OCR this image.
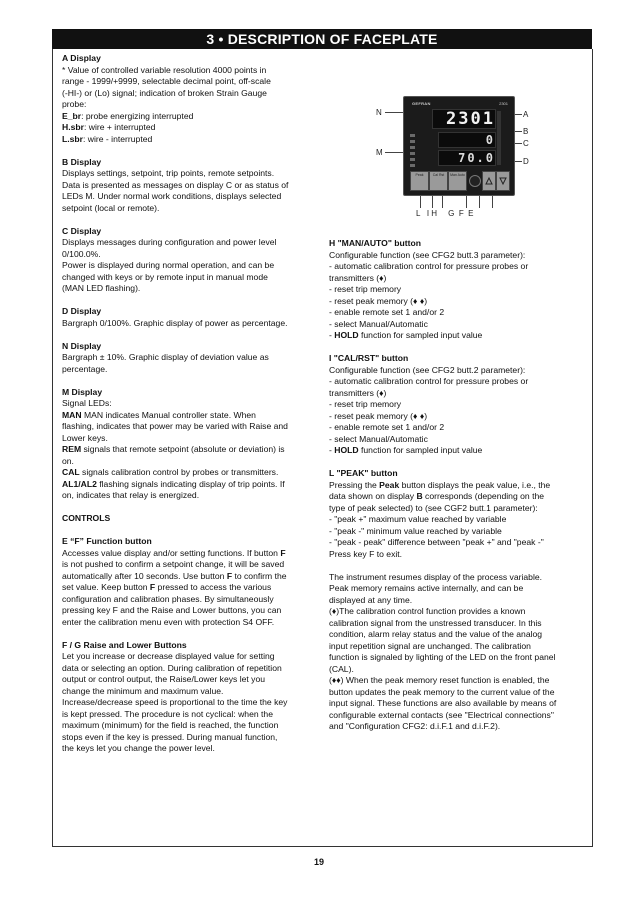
3 • DESCRIPTION OF FACEPLATE
A Display
* Value of controlled variable resolution 4000 points in
range - 1999/+9999, selectable decimal point, off-scale
(-HI-) or (Lo) signal; indication of broken Strain Gauge
probe:
E_br: probe energizing interrupted
H.sbr: wire + interrupted
L.sbr: wire - interrupted
B Display
Displays settings, setpoint, trip points, remote setpoints.
Data is presented as messages on display C or as status of
LEDs M. Under normal work conditions, displays selected
setpoint (local or remote).
C Display
Displays messages during configuration and power level
0/100.0%.
Power is displayed during normal operation, and can be
changed with keys or by remote input in manual mode
(MAN LED flashing).
D Display
Bargraph 0/100%. Graphic display of power as percentage.
N Display
Bargraph ± 10%. Graphic display of deviation value as
percentage.
M Display
Signal LEDs:
MAN MAN indicates Manual controller state. When
flashing, indicates that power may be varied with Raise and
Lower keys.
REM signals that remote setpoint (absolute or deviation) is
on.
CAL signals calibration control by probes or transmitters.
AL1/AL2 flashing signals indicating display of trip points. If
on, indicates that relay is energized.
CONTROLS
E “F” Function button
Accesses value display and/or setting functions. If button F
is not pushed to confirm a setpoint change, it will be saved
automatically after 10 seconds. Use button F to confirm the
set value. Keep button F pressed to access the various
configuration and calibration phases. By simultaneously
pressing key F and the Raise and Lower buttons, you can
enter the calibration menu even with protection S4 OFF.
F / G Raise and Lower Buttons
Let you increase or decrease displayed value for setting
data or selecting an option. During calibration of repetition
output or control output, the Raise/Lower keys let you
change the minimum and maximum value.
Increase/decrease speed is proportional to the time the key
is kept pressed. The procedure is not cyclical: when the
maximum (minimum) for the field is reached, the function
stops even if the key is pressed. During manual function,
the keys let you change the power level.
H "MAN/AUTO" button
Configurable function (see CFG2 butt.3 parameter):
- automatic calibration control for pressure probes or
transmitters (♦)
- reset trip memory
- reset peak memory (♦ ♦)
- enable remote set 1 and/or 2
- select Manual/Automatic
- HOLD function for sampled input value
I "CAL/RST" button
Configurable function (see CFG2 butt.2 parameter):
- automatic calibration control for pressure probes or
transmitters (♦)
- reset trip memory
- reset peak memory (♦ ♦)
- enable remote set 1 and/or 2
- select Manual/Automatic
- HOLD function for sampled input value
L "PEAK" button
Pressing the Peak button displays the peak value, i.e., the
data shown on display B corresponds (depending on the
type of peak selected) to (see CGF2 butt.1 parameter):
- "peak +" maximum value reached by variable
- "peak -" minimum value reached by variable
- "peak - peak" difference between "peak +" and "peak -"
Press key F to exit.
The instrument resumes display of the process variable.
Peak memory remains active internally, and can be
displayed at any time.
(♦)The calibration control function provides a known
calibration signal from the unstressed transducer. In this
condition, alarm relay status and the value of the analog
input repetition signal are unchanged. The calibration
function is signaled by lighting of the LED on the front panel
(CAL).
(♦♦) When the peak memory reset function is enabled, the
button updates the peak memory to the current value of the
input signal. These functions are also available by means of
configurable external contacts (see "Electrical connections"
and "Configuration CFG2: d.i.F.1 and d.i.F.2).
N
M
A
B
C
D
L   I H     G  F  E
GEFRAN	2301
2301
0
70.0
Peak	Cal Rst	Man Auto
19
